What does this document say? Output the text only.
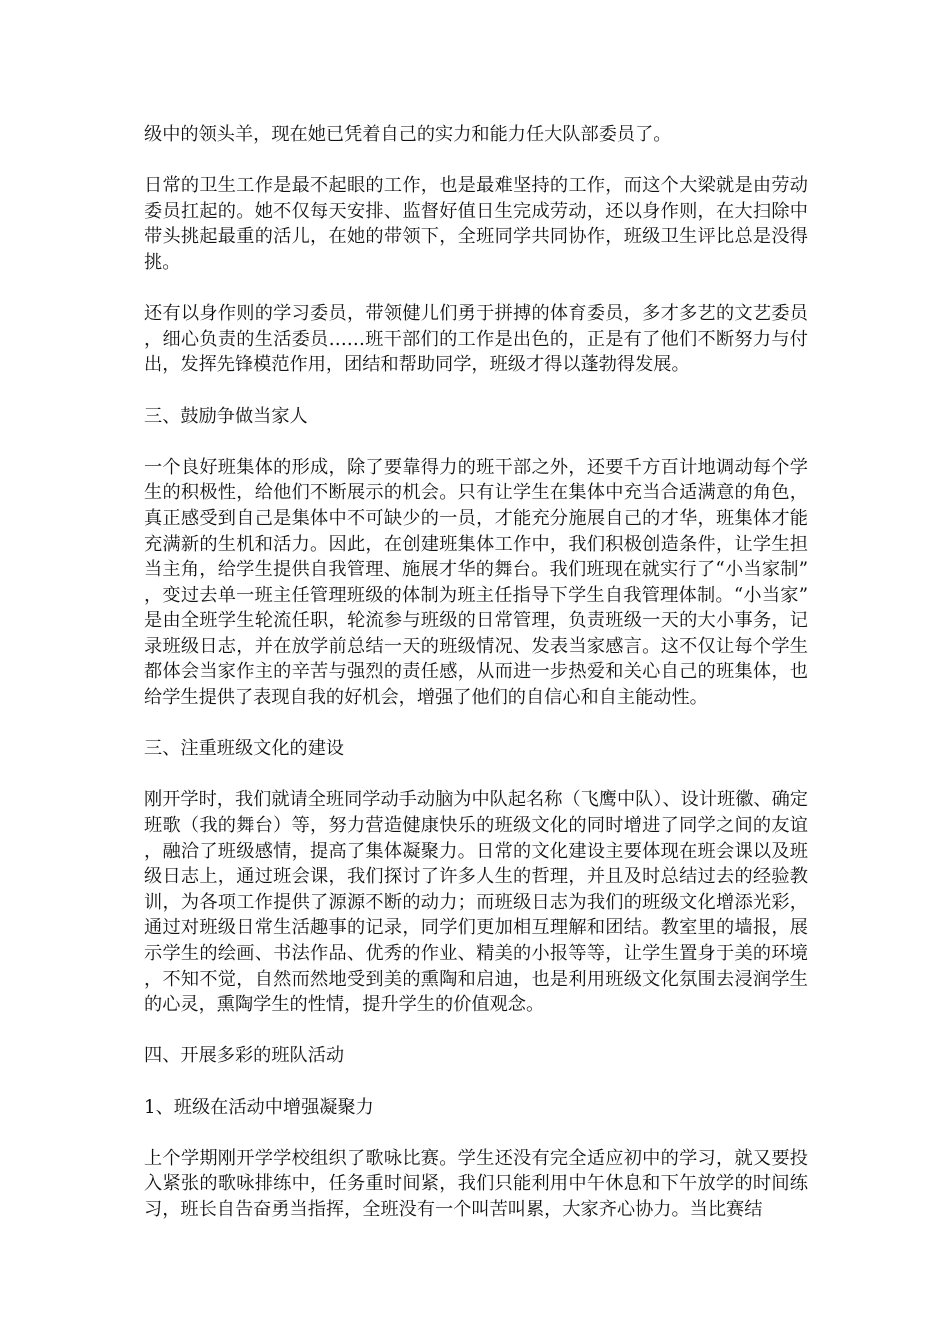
级中的领头羊，现在她已凭着自己的实力和能力任大队部委员了。

日常的卫生工作是最不起眼的工作，也是最难坚持的工作，而这个大梁就是由劳动委员扛起的。她不仅每天安排、监督好值日生完成劳动，还以身作则，在大扫除中带头挑起最重的活儿，在她的带领下，全班同学共同协作，班级卫生评比总是没得挑。

还有以身作则的学习委员，带领健儿们勇于拼搏的体育委员，多才多艺的文艺委员，细心负责的生活委员……班干部们的工作是出色的，正是有了他们不断努力与付出，发挥先锋模范作用，团结和帮助同学，班级才得以蓬勃得发展。

三、鼓励争做当家人

一个良好班集体的形成，除了要靠得力的班干部之外，还要千方百计地调动每个学生的积极性，给他们不断展示的机会。只有让学生在集体中充当合适满意的角色，真正感受到自己是集体中不可缺少的一员，才能充分施展自己的才华，班集体才能充满新的生机和活力。因此，在创建班集体工作中，我们积极创造条件，让学生担当主角，给学生提供自我管理、施展才华的舞台。我们班现在就实行了“小当家制”，变过去单一班主任管理班级的体制为班主任指导下学生自我管理体制。“小当家”是由全班学生轮流任职，轮流参与班级的日常管理，负责班级一天的大小事务，记录班级日志，并在放学前总结一天的班级情况、发表当家感言。这不仅让每个学生都体会当家作主的辛苦与强烈的责任感，从而进一步热爱和关心自己的班集体，也给学生提供了表现自我的好机会，增强了他们的自信心和自主能动性。

三、注重班级文化的建设

刚开学时，我们就请全班同学动手动脑为中队起名称（飞鹰中队）、设计班徽、确定班歌（我的舞台）等，努力营造健康快乐的班级文化的同时增进了同学之间的友谊，融洽了班级感情，提高了集体凝聚力。日常的文化建设主要体现在班会课以及班级日志上，通过班会课，我们探讨了许多人生的哲理，并且及时总结过去的经验教训，为各项工作提供了源源不断的动力；而班级日志为我们的班级文化增添光彩，通过对班级日常生活趣事的记录，同学们更加相互理解和团结。教室里的墙报，展示学生的绘画、书法作品、优秀的作业、精美的小报等等，让学生置身于美的环境，不知不觉，自然而然地受到美的熏陶和启迪，也是利用班级文化氛围去浸润学生的心灵，熏陶学生的性情，提升学生的价值观念。

四、开展多彩的班队活动

1、班级在活动中增强凝聚力

上个学期刚开学学校组织了歌咏比赛。学生还没有完全适应初中的学习，就又要投入紧张的歌咏排练中，任务重时间紧，我们只能利用中午休息和下午放学的时间练习，班长自告奋勇当指挥，全班没有一个叫苦叫累，大家齐心协力。当比赛结
